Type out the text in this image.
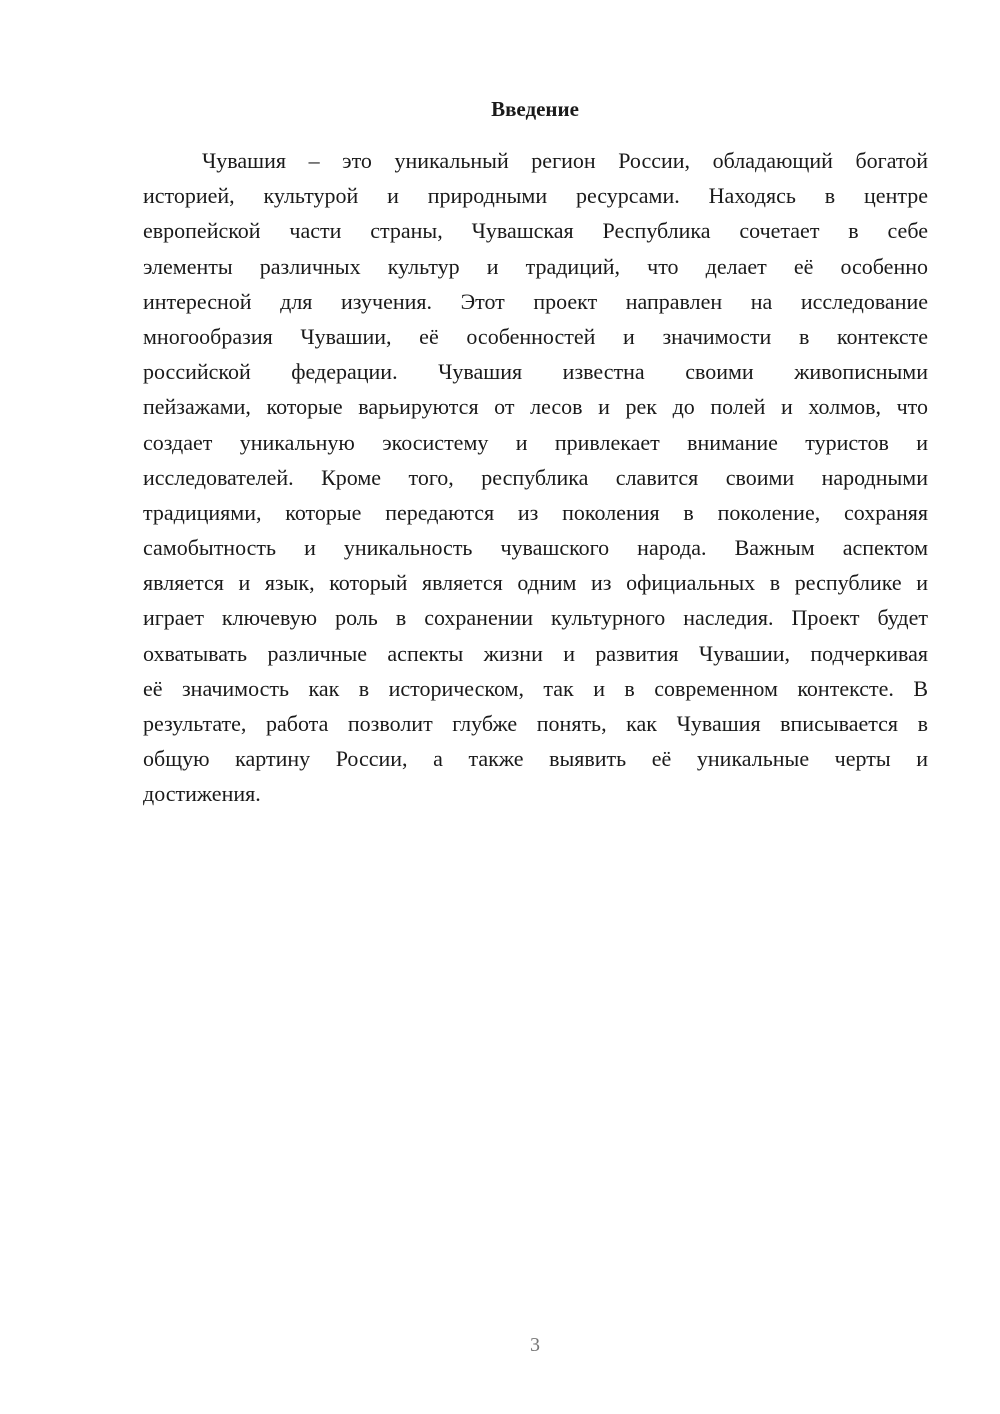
Введение
Чувашия – это уникальный регион России, обладающий богатой
историей, культурой и природными ресурсами. Находясь в центре
европейской части страны, Чувашская Республика сочетает в себе
элементы различных культур и традиций, что делает её особенно
интересной для изучения. Этот проект направлен на исследование
многообразия Чувашии, её особенностей и значимости в контексте
российской федерации. Чувашия известна своими живописными
пейзажами, которые варьируются от лесов и рек до полей и холмов, что
создает уникальную экосистему и привлекает внимание туристов и
исследователей. Кроме того, республика славится своими народными
традициями, которые передаются из поколения в поколение, сохраняя
самобытность и уникальность чувашского народа. Важным аспектом
является и язык, который является одним из официальных в республике и
играет ключевую роль в сохранении культурного наследия. Проект будет
охватывать различные аспекты жизни и развития Чувашии, подчеркивая
её значимость как в историческом, так и в современном контексте. В
результате, работа позволит глубже понять, как Чувашия вписывается в
общую картину России, а также выявить её уникальные черты и
достижения.
3
